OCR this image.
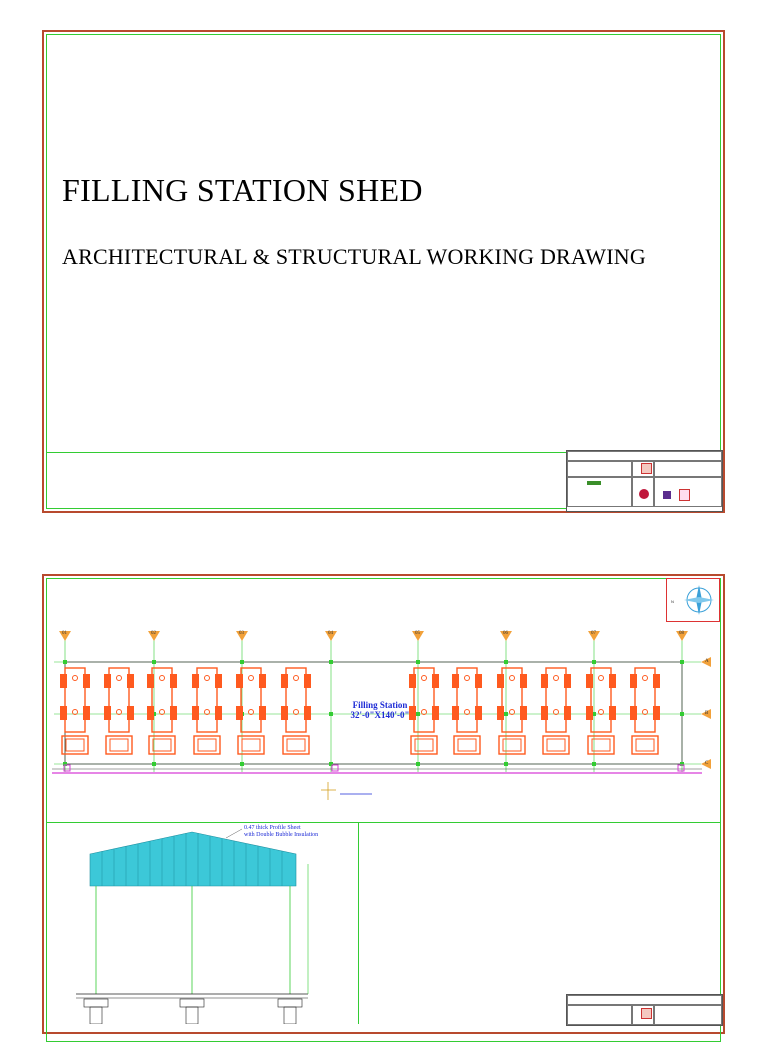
FILLING STATION SHED
ARCHITECTURAL & STRUCTURAL WORKING DRAWING
N
01	02	03	04	05	06	07	08
A
B
C
Filling Station
32'-0"X140'-0"
0.47 thick Profile Sheet
with Double Bubble Insulation
